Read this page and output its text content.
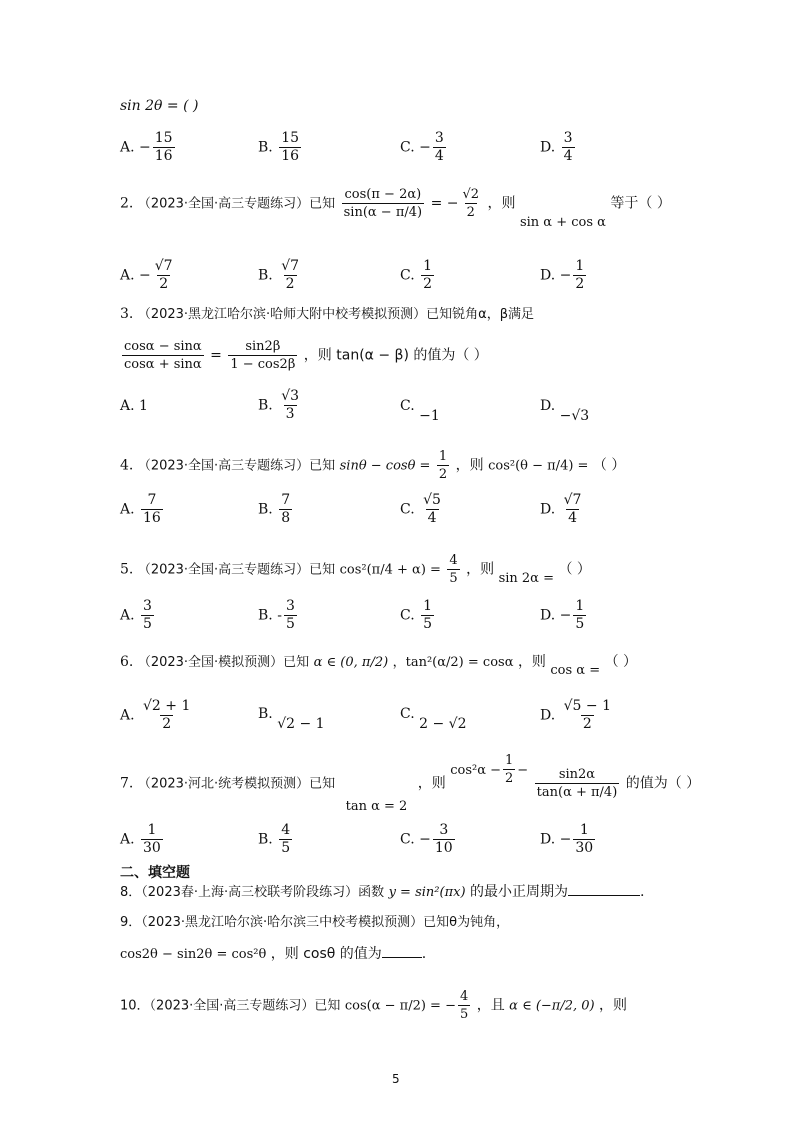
sin 2θ = ( )
A. − $\frac{15}{16}$	B. $\frac{15}{16}$	C. − $\frac{3}{4}$	D. $\frac{3}{4}$
2. （2023·全国·高三专题练习）已知 $\frac{\cos(\pi - 2\alpha)}{\sin(\alpha - \pi/4)}$ = − $\frac{√2}{2}$ ，则 sin α + cos α 等于（ ）
A. − $\frac{√7}{2}$	B. $\frac{√7}{2}$	C. $\frac{1}{2}$	D. − $\frac{1}{2}$
3. （2023·黑龙江哈尔滨·哈师大附中校考模拟预测）已知锐角α，β满足
$\frac{\cos\alpha - \sin\alpha}{\cos\alpha + \sin\alpha} = \frac{\sin 2\beta}{1 - \cos 2\beta}$ ，则 tan(α − β) 的值为（ ）
A. 1	B. $\frac{√3}{3}$	C. −1
D. −√3
4. （2023·全国·高三专题练习）已知 $\sin\theta - \cos\theta = \frac{1}{2}$ ，则 cos²(θ − π/4) = （ ）
A. $\frac{7}{16}$	B. $\frac{7}{8}$	C. $\frac{√5}{4}$	D. $\frac{√7}{4}$
5. （2023·全国·高三专题练习）已知 $\cos^2(\pi/4 + \alpha) = \frac{4}{5}$ ，则 sin 2α = （ ）
A. $\frac{3}{5}$	B. - $\frac{3}{5}$	C. $\frac{1}{5}$	D. − $\frac{1}{5}$
6. （2023·全国·模拟预测）已知 α ∈ (0, π/2) ，tan²(α/2) = cosα ，则 cos α = （ ）
A. $\frac{√2 + 1}{2}$	B. √2 − 1
C. 2 − √2
D. $\frac{√5 - 1}{2}$
7. （2023·河北·统考模拟预测）已知 tan α = 2 ，则 $\cos^2\alpha - \frac{1}{2} - \frac{\sin 2\alpha}{\tan(\alpha + \pi/4)}$ 的值为（ ）
A. $\frac{1}{30}$	B. $\frac{4}{5}$	C. − $\frac{3}{10}$	D. − $\frac{1}{30}$
二、填空题
8．（2023春·上海·高三校联考阶段练习）函数 y = sin²(πx) 的最小正周期为	.
9．（2023·黑龙江哈尔滨·哈尔滨三中校考模拟预测）已知θ为钝角，
cos2θ − sin2θ = cos²θ ，则 cosθ 的值为	.
10．（2023·全国·高三专题练习）已知 cos(α − π/2) = − $\frac{4}{5}$ ，且 α ∈ (−π/2, 0) ，则
5
